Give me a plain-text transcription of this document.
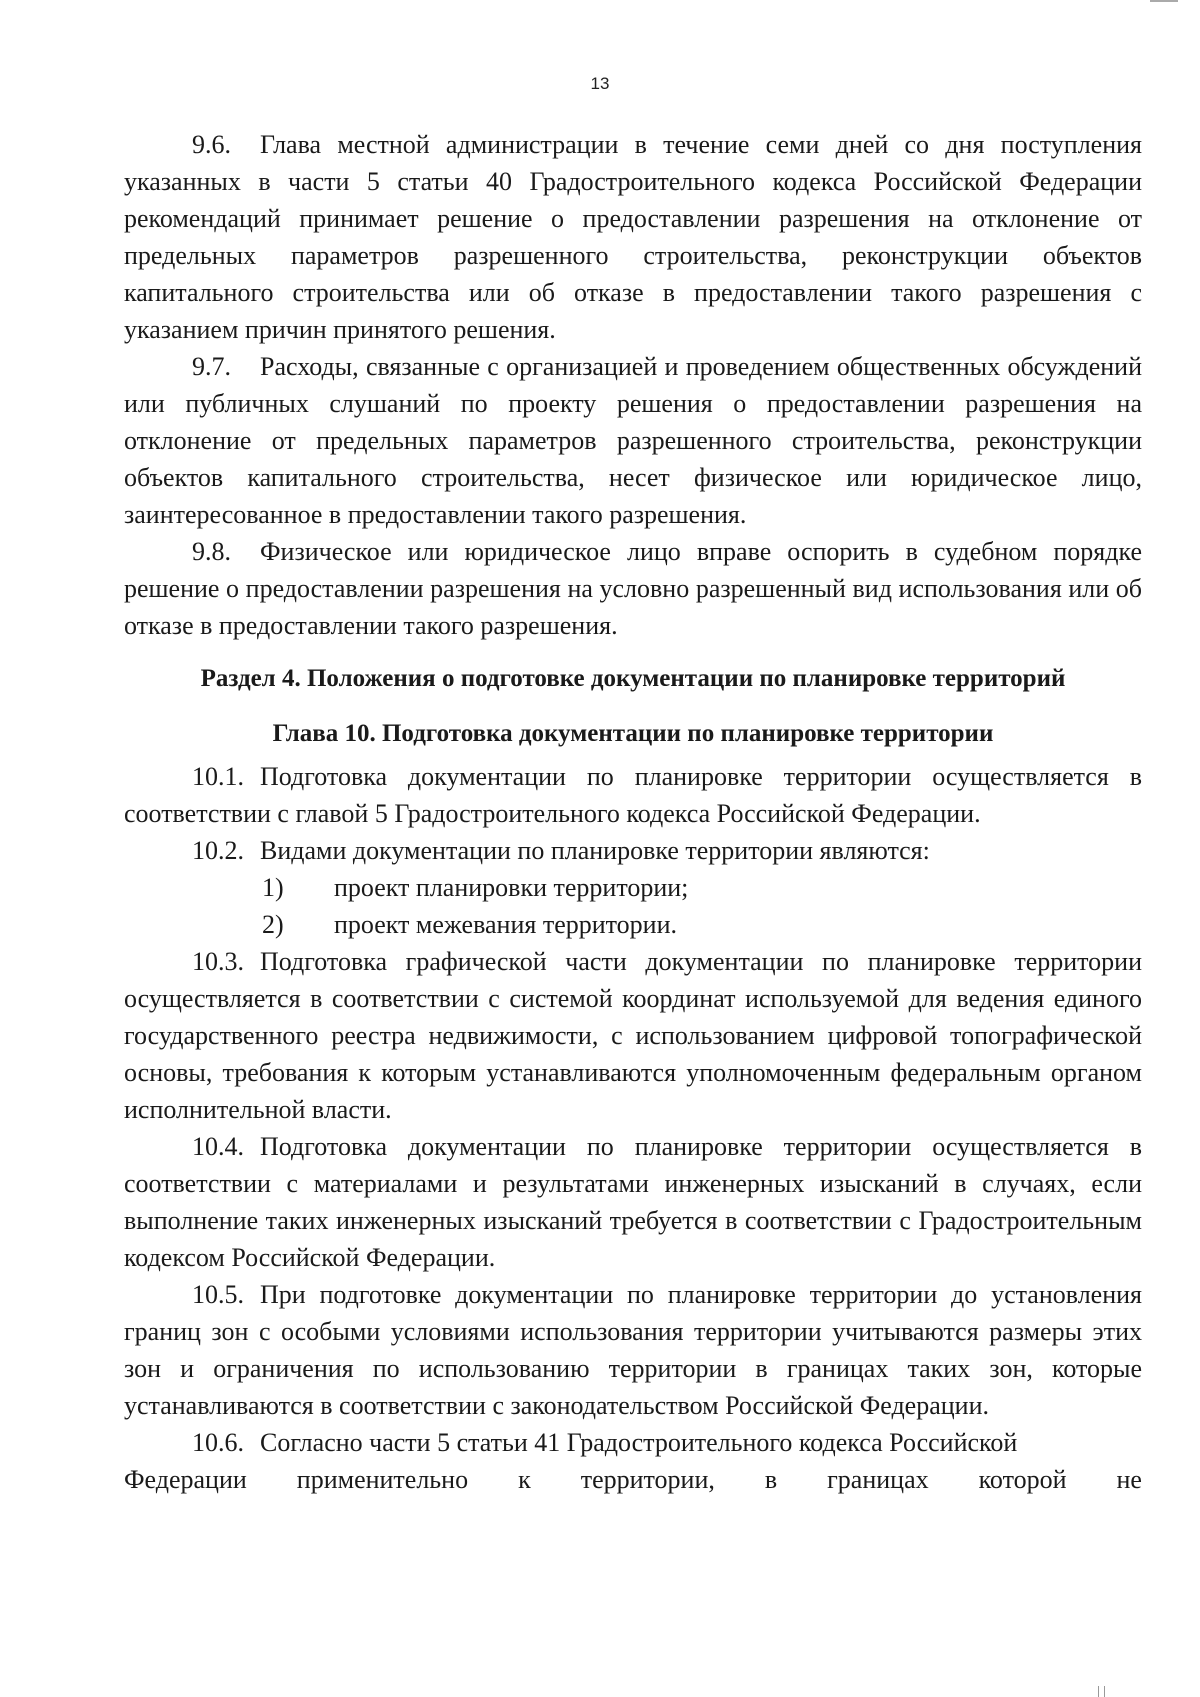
13

9.6. Глава местной администрации в течение семи дней со дня поступления указанных в части 5 статьи 40 Градостроительного кодекса Российской Федерации рекомендаций принимает решение о предоставлении разрешения на отклонение от предельных параметров разрешенного строительства, реконструкции объектов капитального строительства или об отказе в предоставлении такого разрешения с указанием причин принятого решения.

9.7. Расходы, связанные с организацией и проведением общественных обсуждений или публичных слушаний по проекту решения о предоставлении разрешения на отклонение от предельных параметров разрешенного строительства, реконструкции объектов капитального строительства, несет физическое или юридическое лицо, заинтересованное в предоставлении такого разрешения.

9.8. Физическое или юридическое лицо вправе оспорить в судебном порядке решение о предоставлении разрешения на условно разрешенный вид использования или об отказе в предоставлении такого разрешения.

Раздел 4. Положения о подготовке документации по планировке территорий
Глава 10. Подготовка документации по планировке территории

10.1. Подготовка документации по планировке территории осуществляется в соответствии с главой 5 Градостроительного кодекса Российской Федерации.

10.2. Видами документации по планировке территории являются:

1) проект планировки территории;
2) проект межевания территории.

10.3. Подготовка графической части документации по планировке территории осуществляется в соответствии с системой координат используемой для ведения единого государственного реестра недвижимости, с использованием цифровой топографической основы, требования к которым устанавливаются уполномоченным федеральным органом исполнительной власти.

10.4. Подготовка документации по планировке территории осуществляется в соответствии с материалами и результатами инженерных изысканий в случаях, если выполнение таких инженерных изысканий требуется в соответствии с Градостроительным кодексом Российской Федерации.

10.5. При подготовке документации по планировке территории до установления границ зон с особыми условиями использования территории учитываются размеры этих зон и ограничения по использованию территории в границах таких зон, которые устанавливаются в соответствии с законодательством Российской Федерации.

10.6. Согласно части 5 статьи 41 Градостроительного кодекса Российской

Федерации применительно к территории, в границах которой не
